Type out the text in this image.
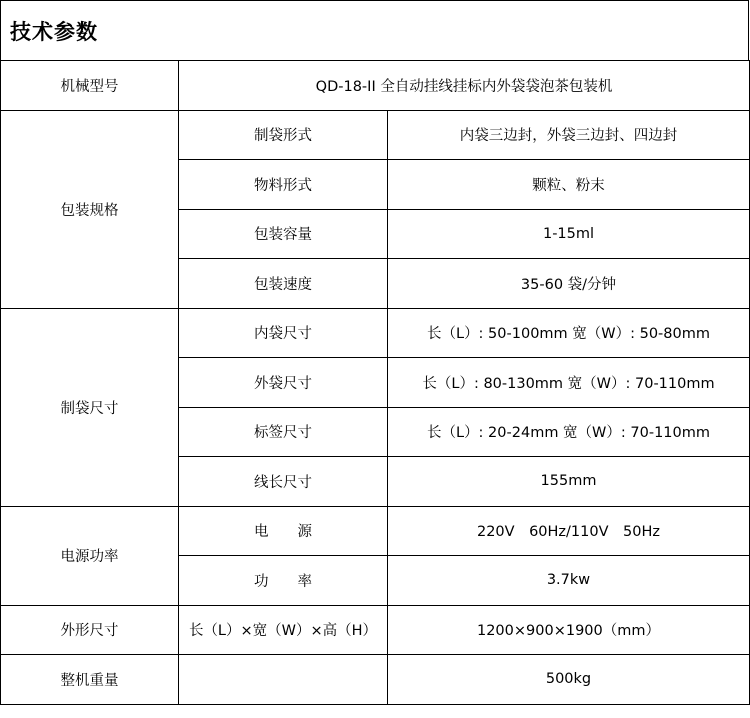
技术参数
机械型号	QD-18-II 全自动挂线挂标内外袋袋泡茶包装机	
包装规格	制袋形式	内袋三边封，外袋三边封、四边封
	物料形式	颗粒、粉末
	包装容量	1-15ml
	包装速度	35-60 袋/分钟
制袋尺寸	内袋尺寸	长（L）: 50-100mm 宽（W）: 50-80mm
	外袋尺寸	长（L）: 80-130mm 宽（W）: 70-110mm
	标签尺寸	长（L）: 20-24mm 宽（W）: 70-110mm
	线长尺寸	155mm
电源功率	电　　源	220V　60Hz/110V　50Hz
	功　　率	3.7kw
外形尺寸	长（L）×宽（W）×高（H）	1200×900×1900（mm）
整机重量		500kg
